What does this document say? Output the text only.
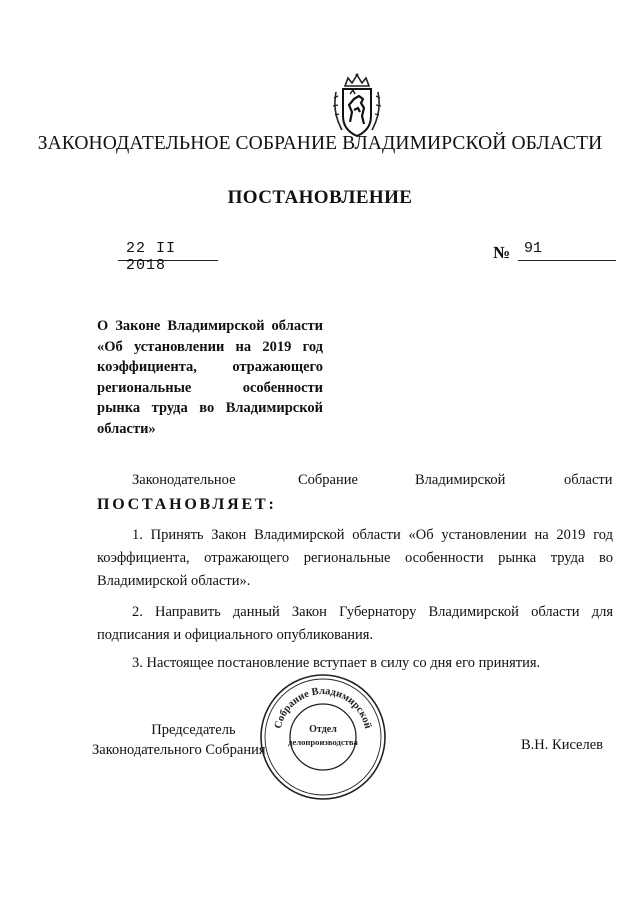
ЗАКОНОДАТЕЛЬНОЕ СОБРАНИЕ ВЛАДИМИРСКОЙ ОБЛАСТИ
ПОСТАНОВЛЕНИЕ
22 II 2018
№ 91
О Законе Владимирской области «Об установлении на 2019 год коэффициента, отражающего региональные особенности рынка труда во Владимирской области»
Законодательное	Собрание	Владимирской	области
ПОСТАНОВЛЯЕТ:
1. Принять Закон Владимирской области «Об установлении на 2019 год коэффициента, отражающего региональные особенности рынка труда во Владимирской области».
2. Направить данный Закон Губернатору Владимирской области для подписания и официального опубликования.
3. Настоящее постановление вступает в силу со дня его принятия.
Председатель
Законодательного Собрания	В.Н. Киселев
Собрание Владимирской
Отдел
делопроизводства
